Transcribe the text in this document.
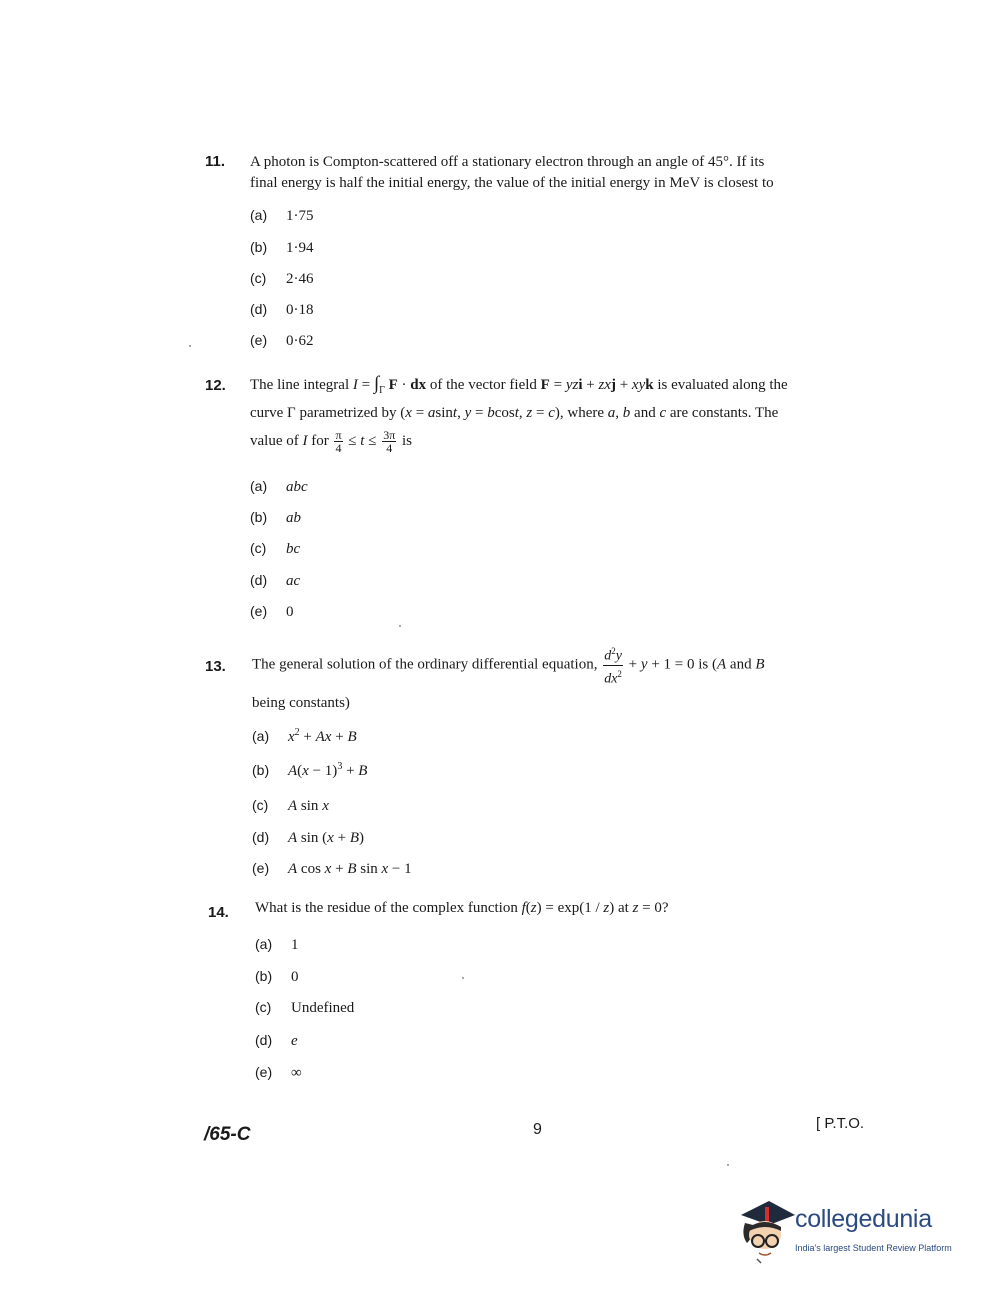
11. A photon is Compton-scattered off a stationary electron through an angle of 45°. If its
final energy is half the initial energy, the value of the initial energy in MeV is closest to
(a) 1·75
(b) 1·94
(c) 2·46
(d) 0·18
(e) 0·62
12. The line integral $I = \int_\Gamma$ F · dx of the vector field F = yzi + zxj + xyk is evaluated along the
curve Γ parametrized by (x = asint, y = bcost, z = c), where a, b and c are constants. The
value of I for $\frac{\pi}{4} \le t \le \frac{3\pi}{4}$ is
(a) abc
(b) ab
(c) bc
(d) ac
(e) 0
13. The general solution of the ordinary differential equation, $\frac{d^2y}{dx^2} + y + 1 = 0$ is (A and B
being constants)
(a) $x^2 + Ax + B$
(b) $A(x - 1)^3 + B$
(c) A sin x
(d) A sin (x + B)
(e) A cos x + B sin x − 1
14. What is the residue of the complex function f(z) = exp(1 / z) at z = 0?
(a) 1
(b) 0
(c) Undefined
(d) e
(e) ∞
/65-C	9	[ P.T.O.
collegedunia
India's largest Student Review Platform
